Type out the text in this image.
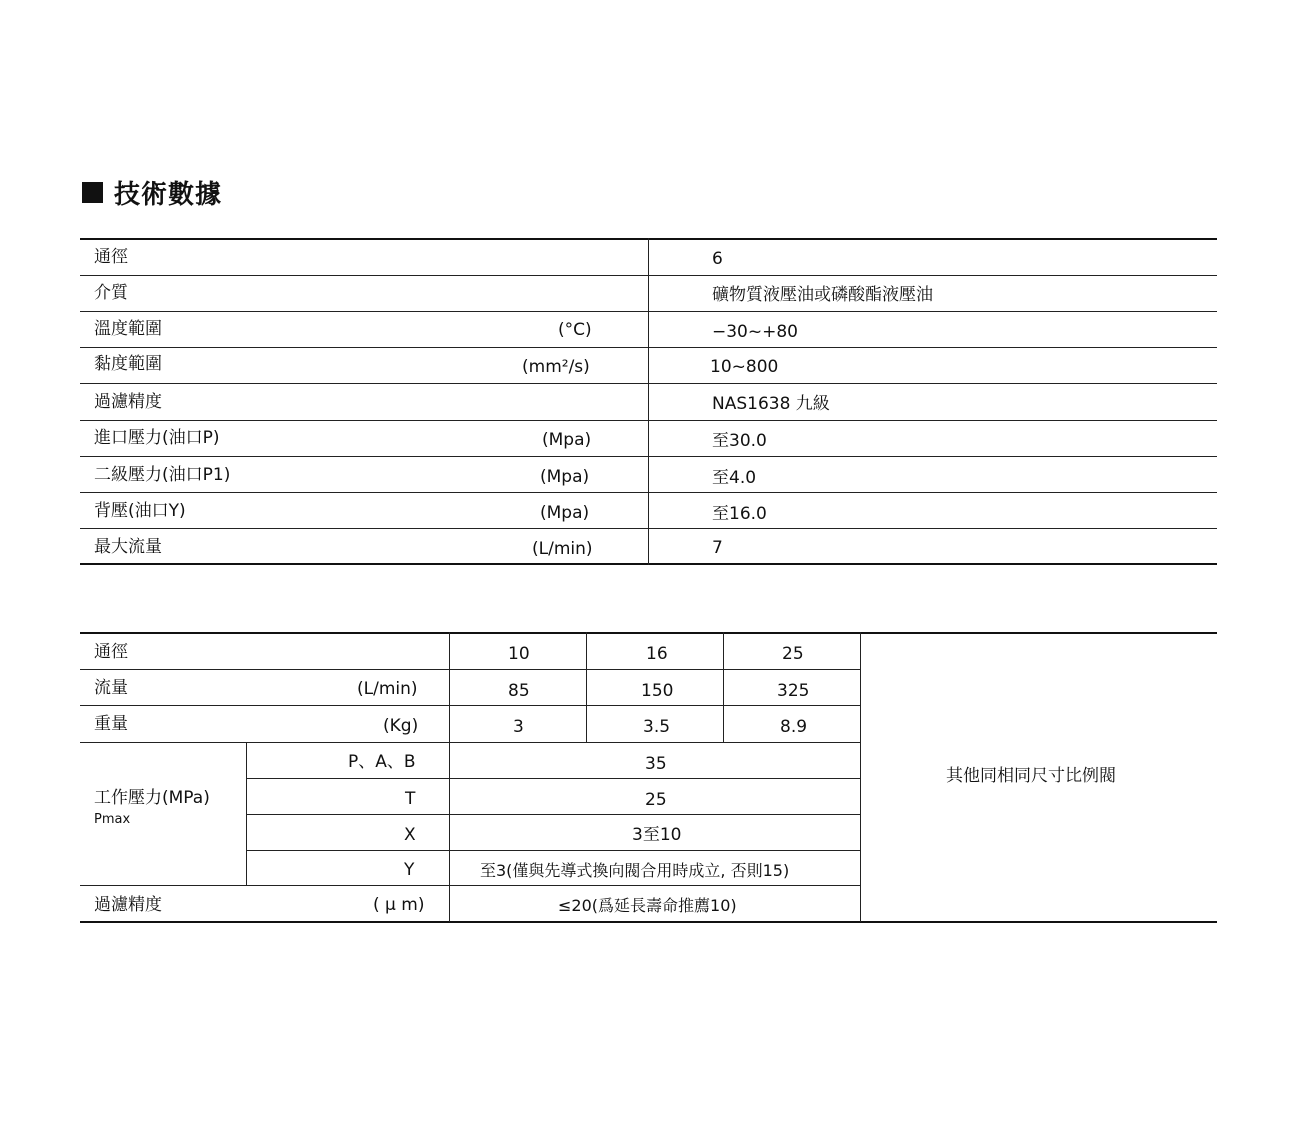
技術數據
通徑	6
介質	礦物質液壓油或磷酸酯液壓油
溫度範圍	(°C)	−30~+80
黏度範圍	(mm²/s)	10~800
過濾精度	NAS1638 九級
進口壓力(油口P)	(Mpa)	至30.0
二級壓力(油口P1)	(Mpa)	至4.0
背壓(油口Y)	(Mpa)	至16.0
最大流量	(L/min)	7
通徑	10	16	25
流量	(L/min)	85	150	325
重量	(Kg)	3	3.5	8.9
工作壓力(MPa)
Pmax
P、A、B	35
T	25
X	3至10
Y	至3(僅與先導式換向閥合用時成立, 否則15)
過濾精度	( μ m)	≤20(爲延長壽命推薦10)
其他同相同尺寸比例閥
